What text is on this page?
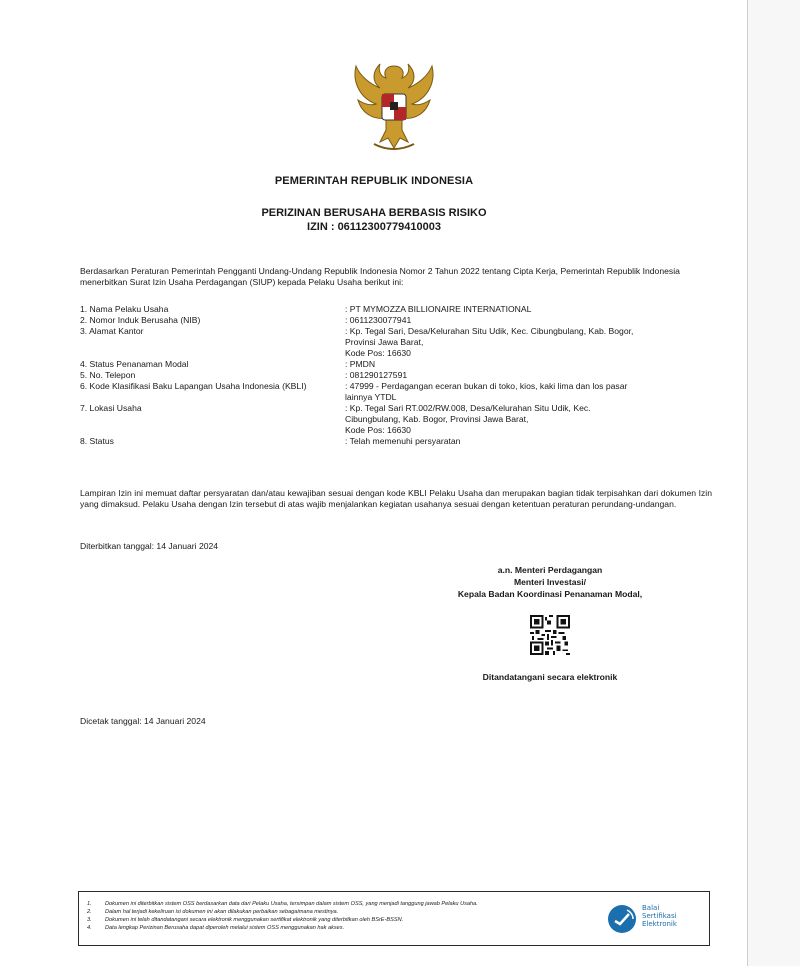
PEMERINTAH REPUBLIK INDONESIA
PERIZINAN BERUSAHA BERBASIS RISIKO
IZIN : 06112300779410003
Berdasarkan Peraturan Pemerintah Pengganti Undang-Undang Republik Indonesia Nomor 2 Tahun 2022 tentang Cipta Kerja, Pemerintah Republik Indonesia menerbitkan Surat Izin Usaha Perdagangan (SIUP) kepada Pelaku Usaha berikut ini:
1. Nama Pelaku Usaha	: PT MYMOZZA BILLIONAIRE INTERNATIONAL
2. Nomor Induk Berusaha (NIB)	: 0611230077941
3. Alamat Kantor	: Kp. Tegal Sari, Desa/Kelurahan Situ Udik, Kec. Cibungbulang, Kab. Bogor,
Provinsi Jawa Barat,
Kode Pos: 16630
4. Status Penanaman Modal	: PMDN
5. No. Telepon	: 081290127591
6. Kode Klasifikasi Baku Lapangan Usaha Indonesia (KBLI)	: 47999 - Perdagangan eceran bukan di toko, kios, kaki lima dan los pasar
lainnya YTDL
7. Lokasi Usaha	: Kp. Tegal Sari RT.002/RW.008, Desa/Kelurahan Situ Udik, Kec.
Cibungbulang, Kab. Bogor, Provinsi Jawa Barat,
Kode Pos: 16630
8. Status	: Telah memenuhi persyaratan
Lampiran Izin ini memuat daftar persyaratan dan/atau kewajiban sesuai dengan kode KBLI Pelaku Usaha dan merupakan bagian tidak terpisahkan dari dokumen Izin yang dimaksud. Pelaku Usaha dengan Izin tersebut di atas wajib menjalankan kegiatan usahanya sesuai dengan ketentuan peraturan perundang-undangan.
Diterbitkan tanggal: 14 Januari 2024
a.n. Menteri Perdagangan
Menteri Investasi/
Kepala Badan Koordinasi Penanaman Modal,
Ditandatangani secara elektronik
Dicetak tanggal: 14 Januari 2024
1.	Dokumen ini diterbitkan sistem OSS berdasarkan data dari Pelaku Usaha, tersimpan dalam sistem OSS, yang menjadi tanggung jawab Pelaku Usaha.
2.	Dalam hal terjadi kekeliruan isi dokumen ini akan dilakukan perbaikan sebagaimana mestinya.
3.	Dokumen ini telah ditandatangani secara elektronik menggunakan sertifikat elektronik yang diterbitkan oleh BSrE-BSSN.
4.	Data lengkap Perizinan Berusaha dapat diperoleh melalui sistem OSS menggunakan hak akses.
Balai
Sertifikasi
Elektronik
